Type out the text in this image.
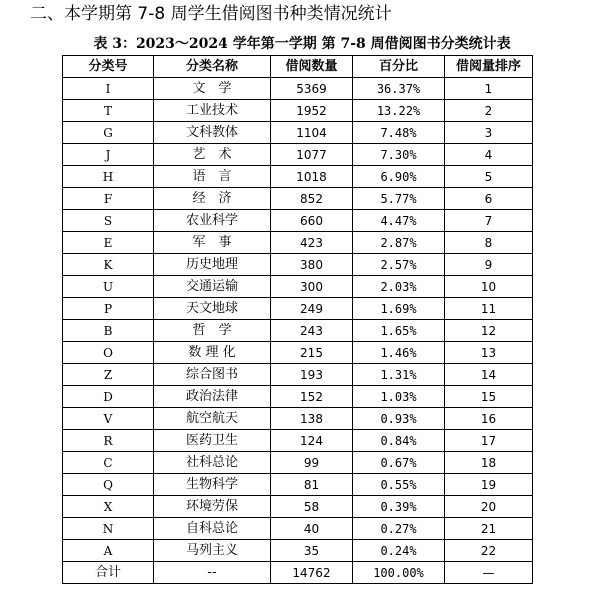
二、本学期第 7-8 周学生借阅图书种类情况统计
表 3：2023～2024 学年第一学期 第 7-8 周借阅图书分类统计表
分类号	分类名称	借阅数量	百分比	借阅量排序
I	文　学	5369	36.37%	1
T	工业技术	1952	13.22%	2
G	文科教体	1104	7.48%	3
J	艺　术	1077	7.30%	4
H	语　言	1018	6.90%	5
F	经　济	852	5.77%	6
S	农业科学	660	4.47%	7
E	军　事	423	2.87%	8
K	历史地理	380	2.57%	9
U	交通运输	300	2.03%	10
P	天文地球	249	1.69%	11
B	哲　学	243	1.65%	12
O	数 理 化	215	1.46%	13
Z	综合图书	193	1.31%	14
D	政治法律	152	1.03%	15
V	航空航天	138	0.93%	16
R	医药卫生	124	0.84%	17
C	社科总论	99	0.67%	18
Q	生物科学	81	0.55%	19
X	环境劳保	58	0.39%	20
N	自科总论	40	0.27%	21
A	马列主义	35	0.24%	22
合计	--	14762	100.00%	—
